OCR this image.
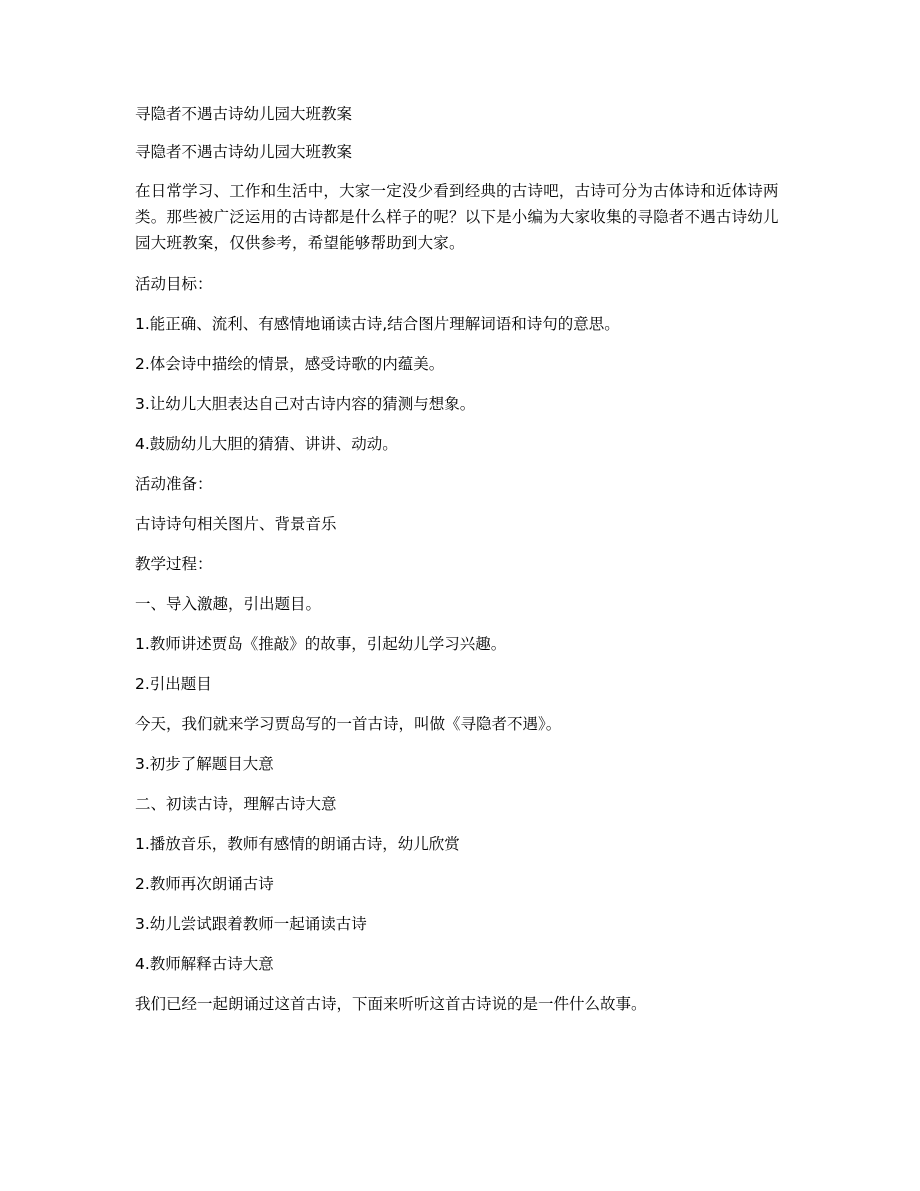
寻隐者不遇古诗幼儿园大班教案

寻隐者不遇古诗幼儿园大班教案

在日常学习、工作和生活中，大家一定没少看到经典的古诗吧，古诗可分为古体诗和近体诗两类。那些被广泛运用的古诗都是什么样子的呢？以下是小编为大家收集的寻隐者不遇古诗幼儿园大班教案，仅供参考，希望能够帮助到大家。

活动目标：

1.能正确、流利、有感情地诵读古诗,结合图片理解词语和诗句的意思。

2.体会诗中描绘的情景，感受诗歌的内蕴美。

3.让幼儿大胆表达自己对古诗内容的猜测与想象。

4.鼓励幼儿大胆的猜猜、讲讲、动动。

活动准备：

古诗诗句相关图片、背景音乐

教学过程：

一、导入激趣，引出题目。

1.教师讲述贾岛《推敲》的故事，引起幼儿学习兴趣。

2.引出题目

今天，我们就来学习贾岛写的一首古诗，叫做《寻隐者不遇》。

3.初步了解题目大意

二、初读古诗，理解古诗大意

1.播放音乐，教师有感情的朗诵古诗，幼儿欣赏

2.教师再次朗诵古诗

3.幼儿尝试跟着教师一起诵读古诗

4.教师解释古诗大意

我们已经一起朗诵过这首古诗，下面来听听这首古诗说的是一件什么故事。
